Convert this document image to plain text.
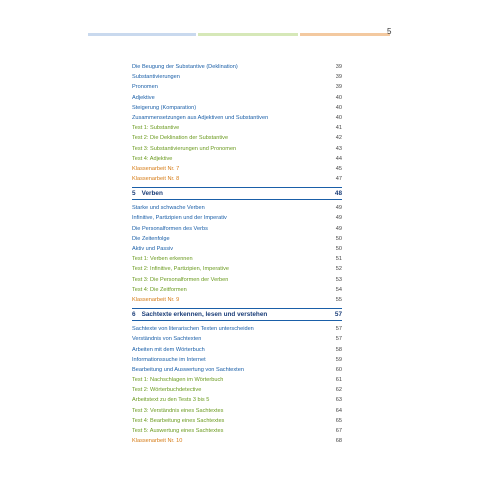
5
Die Beugung der Substantive (Deklination)	39
Substantivierungen	39
Pronomen	39
Adjektive	40
Steigerung (Komparation)	40
Zusammensetzungen aus Adjektiven und Substantiven	40
Test 1: Substantive	41
Test 2: Die Deklination der Substantive	42
Test 3: Substantivierungen und Pronomen	43
Test 4: Adjektive	44
Klassenarbeit Nr. 7	45
Klassenarbeit Nr. 8	47
5 Verben	48
Starke und schwache Verben	49
Infinitive, Partizipien und der Imperativ	49
Die Personalformen des Verbs	49
Die Zeitenfolge	50
Aktiv und Passiv	50
Test 1: Verben erkennen	51
Test 2: Infinitive, Partizipien, Imperative	52
Test 3: Die Personalformen der Verben	53
Test 4: Die Zeitformen	54
Klassenarbeit Nr. 9	55
6 Sachtexte erkennen, lesen und verstehen	57
Sachtexte von literarischen Texten unterscheiden	57
Verständnis von Sachtexten	57
Arbeiten mit dem Wörterbuch	58
Informationssuche im Internet	59
Bearbeitung und Auswertung von Sachtexten	60
Test 1: Nachschlagen im Wörterbuch	61
Test 2: Wörterbuchdetective	62
Arbeitstext zu den Tests 3 bis 5	63
Test 3: Verständnis eines Sachtextes	64
Test 4: Bearbeitung eines Sachtextes	65
Test 5: Auswertung eines Sachtextes	67
Klassenarbeit Nr. 10	68
